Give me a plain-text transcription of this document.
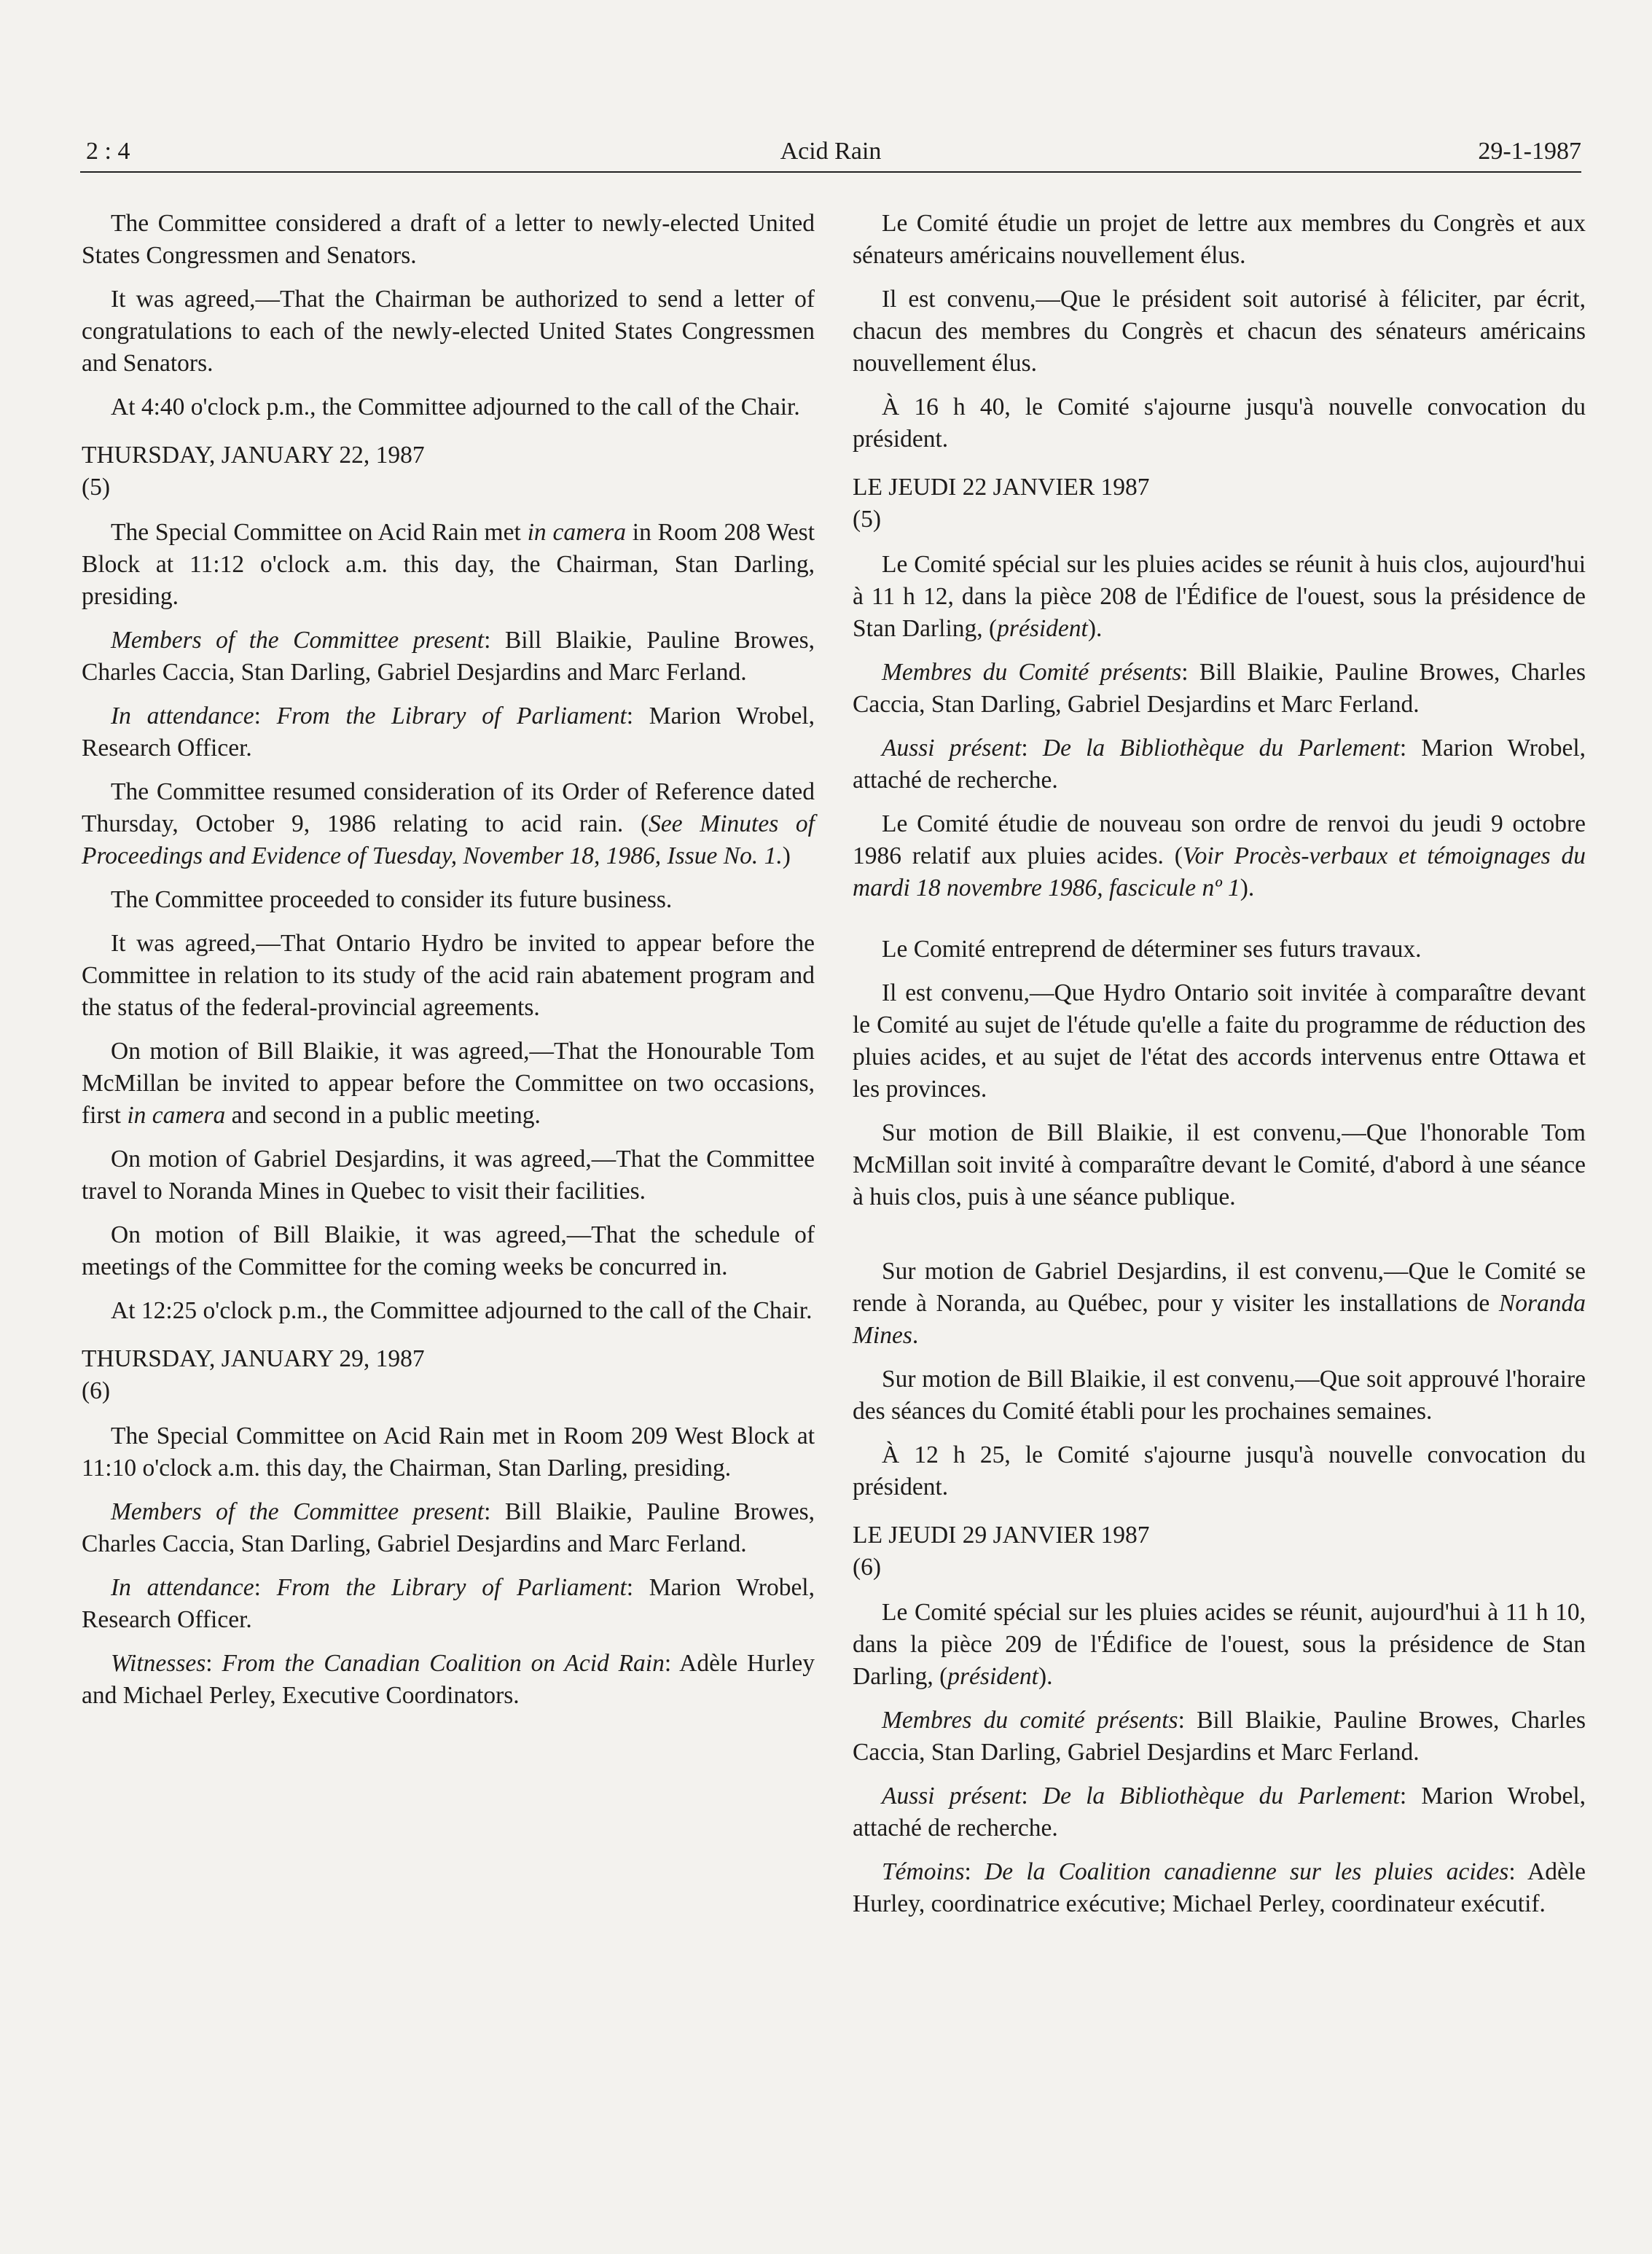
2 : 4	Acid Rain	29-1-1987

The Committee considered a draft of a letter to newly-elected United States Congressmen and Senators.

It was agreed,—That the Chairman be authorized to send a letter of congratulations to each of the newly-elected United States Congressmen and Senators.

At 4:40 o'clock p.m., the Committee adjourned to the call of the Chair.

THURSDAY, JANUARY 22, 1987

(5)

The Special Committee on Acid Rain met in camera in Room 208 West Block at 11:12 o'clock a.m. this day, the Chairman, Stan Darling, presiding.

Members of the Committee present: Bill Blaikie, Pauline Browes, Charles Caccia, Stan Darling, Gabriel Desjardins and Marc Ferland.

In attendance: From the Library of Parliament: Marion Wrobel, Research Officer.

The Committee resumed consideration of its Order of Reference dated Thursday, October 9, 1986 relating to acid rain. (See Minutes of Proceedings and Evidence of Tuesday, November 18, 1986, Issue No. 1.)

The Committee proceeded to consider its future business.

It was agreed,—That Ontario Hydro be invited to appear before the Committee in relation to its study of the acid rain abatement program and the status of the federal-provincial agreements.

On motion of Bill Blaikie, it was agreed,—That the Honourable Tom McMillan be invited to appear before the Committee on two occasions, first in camera and second in a public meeting.

On motion of Gabriel Desjardins, it was agreed,—That the Committee travel to Noranda Mines in Quebec to visit their facilities.

On motion of Bill Blaikie, it was agreed,—That the schedule of meetings of the Committee for the coming weeks be concurred in.

At 12:25 o'clock p.m., the Committee adjourned to the call of the Chair.

THURSDAY, JANUARY 29, 1987

(6)

The Special Committee on Acid Rain met in Room 209 West Block at 11:10 o'clock a.m. this day, the Chairman, Stan Darling, presiding.

Members of the Committee present: Bill Blaikie, Pauline Browes, Charles Caccia, Stan Darling, Gabriel Desjardins and Marc Ferland.

In attendance: From the Library of Parliament: Marion Wrobel, Research Officer.

Witnesses: From the Canadian Coalition on Acid Rain: Adèle Hurley and Michael Perley, Executive Coordinators.

Le Comité étudie un projet de lettre aux membres du Congrès et aux sénateurs américains nouvellement élus.

Il est convenu,—Que le président soit autorisé à féliciter, par écrit, chacun des membres du Congrès et chacun des sénateurs américains nouvellement élus.

À 16 h 40, le Comité s'ajourne jusqu'à nouvelle convocation du président.

LE JEUDI 22 JANVIER 1987

(5)

Le Comité spécial sur les pluies acides se réunit à huis clos, aujourd'hui à 11 h 12, dans la pièce 208 de l'Édifice de l'ouest, sous la présidence de Stan Darling, (président).

Membres du Comité présents: Bill Blaikie, Pauline Browes, Charles Caccia, Stan Darling, Gabriel Desjardins et Marc Ferland.

Aussi présent: De la Bibliothèque du Parlement: Marion Wrobel, attaché de recherche.

Le Comité étudie de nouveau son ordre de renvoi du jeudi 9 octobre 1986 relatif aux pluies acides. (Voir Procès-verbaux et témoignages du mardi 18 novembre 1986, fascicule nº 1).

Le Comité entreprend de déterminer ses futurs travaux.

Il est convenu,—Que Hydro Ontario soit invitée à comparaître devant le Comité au sujet de l'étude qu'elle a faite du programme de réduction des pluies acides, et au sujet de l'état des accords intervenus entre Ottawa et les provinces.

Sur motion de Bill Blaikie, il est convenu,—Que l'honorable Tom McMillan soit invité à comparaître devant le Comité, d'abord à une séance à huis clos, puis à une séance publique.

Sur motion de Gabriel Desjardins, il est convenu,—Que le Comité se rende à Noranda, au Québec, pour y visiter les installations de Noranda Mines.

Sur motion de Bill Blaikie, il est convenu,—Que soit approuvé l'horaire des séances du Comité établi pour les prochaines semaines.

À 12 h 25, le Comité s'ajourne jusqu'à nouvelle convocation du président.

LE JEUDI 29 JANVIER 1987

(6)

Le Comité spécial sur les pluies acides se réunit, aujourd'hui à 11 h 10, dans la pièce 209 de l'Édifice de l'ouest, sous la présidence de Stan Darling, (président).

Membres du comité présents: Bill Blaikie, Pauline Browes, Charles Caccia, Stan Darling, Gabriel Desjardins et Marc Ferland.

Aussi présent: De la Bibliothèque du Parlement: Marion Wrobel, attaché de recherche.

Témoins: De la Coalition canadienne sur les pluies acides: Adèle Hurley, coordinatrice exécutive; Michael Perley, coordinateur exécutif.
